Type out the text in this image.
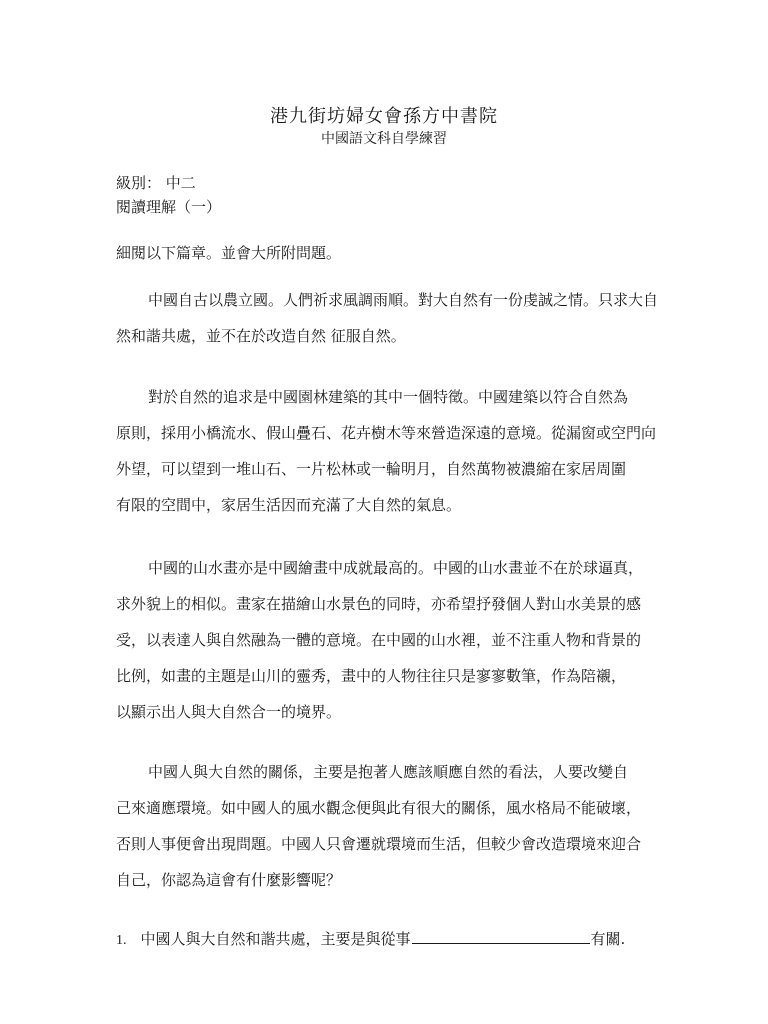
港九街坊婦女會孫方中書院
中國語文科自學練習
級別： 中二
閱讀理解（一）
細閱以下篇章。並會大所附問題。
中國自古以農立國。人們祈求風調雨順。對大自然有一份虔誠之情。只求大自
然和諧共處，並不在於改造自然 征服自然。
對於自然的追求是中國園林建築的其中一個特徵。中國建築以符合自然為
原則，採用小橋流水、假山疊石、花卉樹木等來營造深遠的意境。從漏窗或空門向
外望，可以望到一堆山石、一片松林或一輪明月，自然萬物被濃縮在家居周圍
有限的空間中，家居生活因而充滿了大自然的氣息。
中國的山水畫亦是中國繪畫中成就最高的。中國的山水畫並不在於球逼真，
求外貌上的相似。畫家在描繪山水景色的同時，亦希望抒發個人對山水美景的感
受，以表達人與自然融為一體的意境。在中國的山水裡，並不注重人物和背景的
比例，如畫的主題是山川的靈秀，畫中的人物往往只是寥寥數筆，作為陪襯，
以顯示出人與大自然合一的境界。
中國人與大自然的關係，主要是抱著人應該順應自然的看法，人要改變自
己來適應環境。如中國人的風水觀念便與此有很大的關係，風水格局不能破壞，
否則人事便會出現問題。中國人只會遷就環境而生活，但較少會改造環境來迎合
自己，你認為這會有什麼影響呢？
1. 中國人與大自然和諧共處，主要是與從事	有關.
